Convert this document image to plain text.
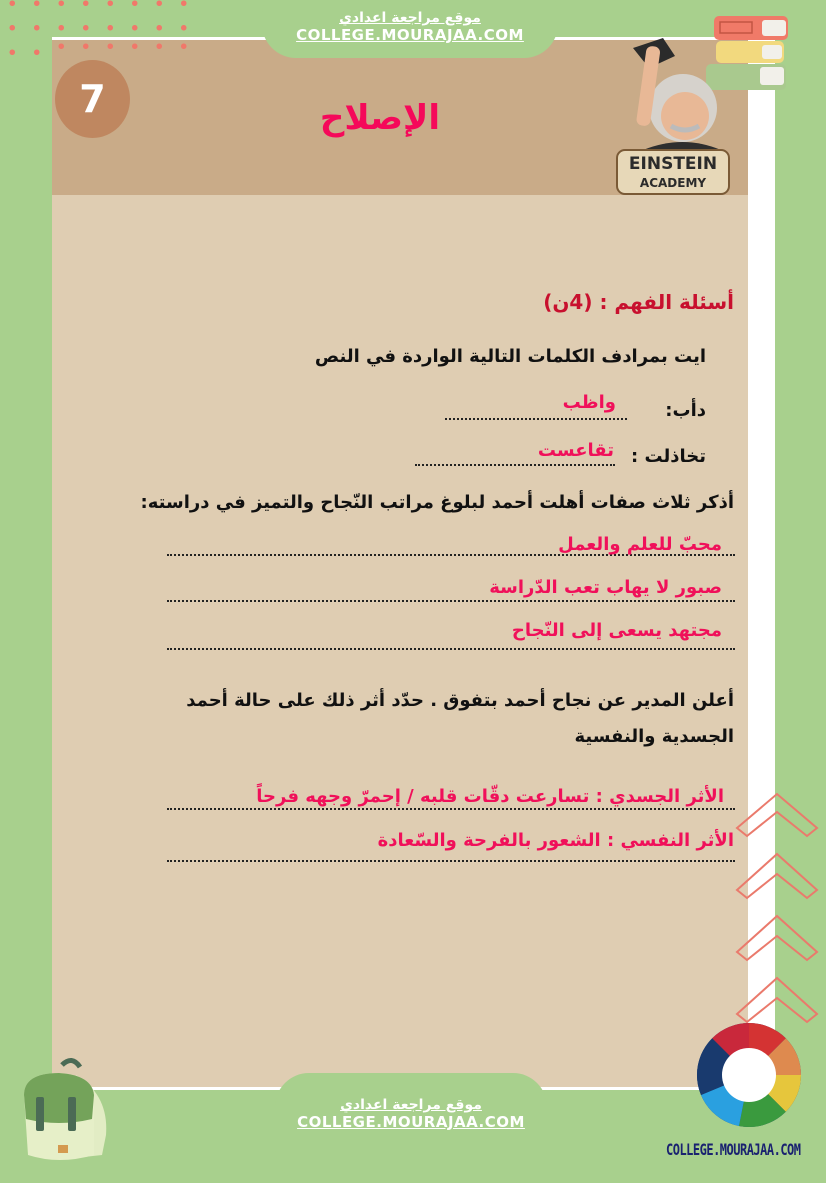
موقع مراجعة اعدادي
COLLEGE.MOURAJAA.COM
EINSTEIN
ACADEMY
7	الإصلاح
أسئلة الفهم : (4ن)
ايت بمرادف الكلمات التالية الواردة في النص
دأب:
واظب
تخاذلت :
تقاعست
أذكر ثلاث صفات أهلت أحمد لبلوغ مراتب النّجاح والتميز في دراسته:
محبّ للعلم والعمل
صبور لا يهاب تعب الدّراسة
مجتهد يسعى إلى النّجاح
أعلن المدير عن نجاح أحمد بتفوق . حدّد أثر ذلك على حالة أحمد
الجسدية والنفسية
الأثر الجسدي : تسارعت دقّات قلبه / إحمرّ وجهه فرحاً
الأثر النفسي : الشعور بالفرحة والسّعادة
موقع مراجعة اعدادي
COLLEGE.MOURAJAA.COM
COLLEGE.MOURAJAA.COM
